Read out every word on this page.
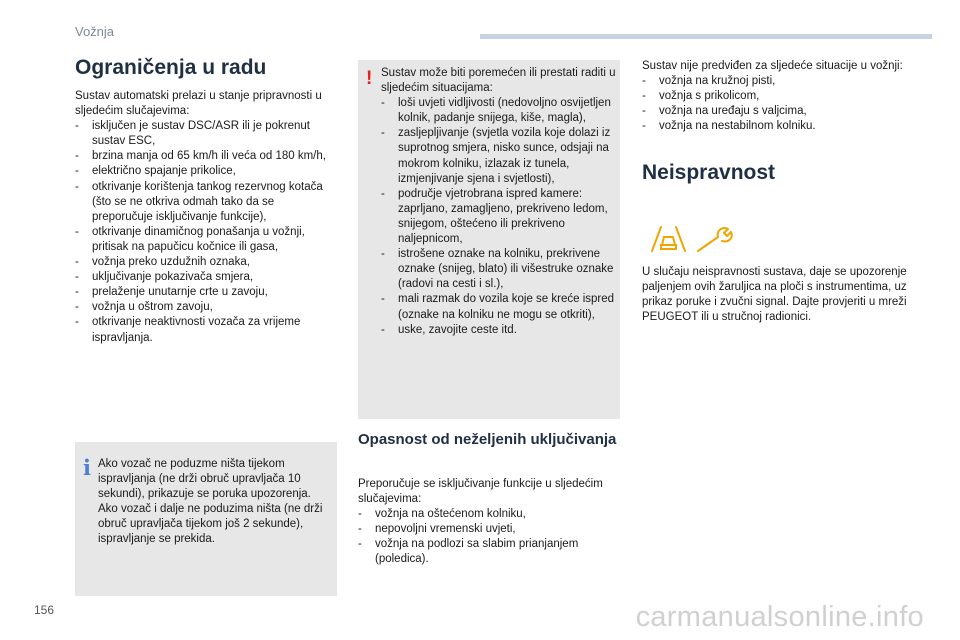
Vožnja
Ograničenja u radu
Sustav automatski prelazi u stanje pripravnosti u sljedećim slučajevima:
- isključen je sustav DSC/ASR ili je pokrenut sustav ESC,
- brzina manja od 65 km/h ili veća od 180 km/h,
- električno spajanje prikolice,
- otkrivanje korištenja tankog rezervnog kotača (što se ne otkriva odmah tako da se preporučuje isključivanje funkcije),
- otkrivanje dinamičnog ponašanja u vožnji, pritisak na papučicu kočnice ili gasa,
- vožnja preko uzdužnih oznaka,
- uključivanje pokazivača smjera,
- prelaženje unutarnje crte u zavoju,
- vožnja u oštrom zavoju,
- otkrivanje neaktivnosti vozača za vrijeme ispravljanja.
i Ako vozač ne poduzme ništa tijekom ispravljanja (ne drži obruč upravljača 10 sekundi), prikazuje se poruka upozorenja.
Ako vozač i dalje ne poduzima ništa (ne drži obruč upravljača tijekom još 2 sekunde), ispravljanje se prekida.
! Sustav može biti poremećen ili prestati raditi u sljedećim situacijama:
- loši uvjeti vidljivosti (nedovoljno osvijetljen kolnik, padanje snijega, kiše, magla),
- zasljepljivanje (svjetla vozila koje dolazi iz suprotnog smjera, nisko sunce, odsjaji na mokrom kolniku, izlazak iz tunela, izmjenjivanje sjena i svjetlosti),
- područje vjetrobrana ispred kamere: zaprljano, zamagljeno, prekriveno ledom, snijegom, oštećeno ili prekriveno naljepnicom,
- istrošene oznake na kolniku, prekrivene oznake (snijeg, blato) ili višestruke oznake (radovi na cesti i sl.),
- mali razmak do vozila koje se kreće ispred (oznake na kolniku ne mogu se otkriti),
- uske, zavojite ceste itd.
Opasnost od neželjenih uključivanja
Preporučuje se isključivanje funkcije u sljedećim slučajevima:
- vožnja na oštećenom kolniku,
- nepovoljni vremenski uvjeti,
- vožnja na podlozi sa slabim prianjanjem (poledica).
Sustav nije predviđen za sljedeće situacije u vožnji:
- vožnja na kružnoj pisti,
- vožnja s prikolicom,
- vožnja na uređaju s valjcima,
- vožnja na nestabilnom kolniku.
Neispravnost
U slučaju neispravnosti sustava, daje se upozorenje paljenjem ovih žaruljica na ploči s instrumentima, uz prikaz poruke i zvučni signal. Dajte provjeriti u mreži PEUGEOT ili u stručnoj radionici.
156	carmanualsonline.info
